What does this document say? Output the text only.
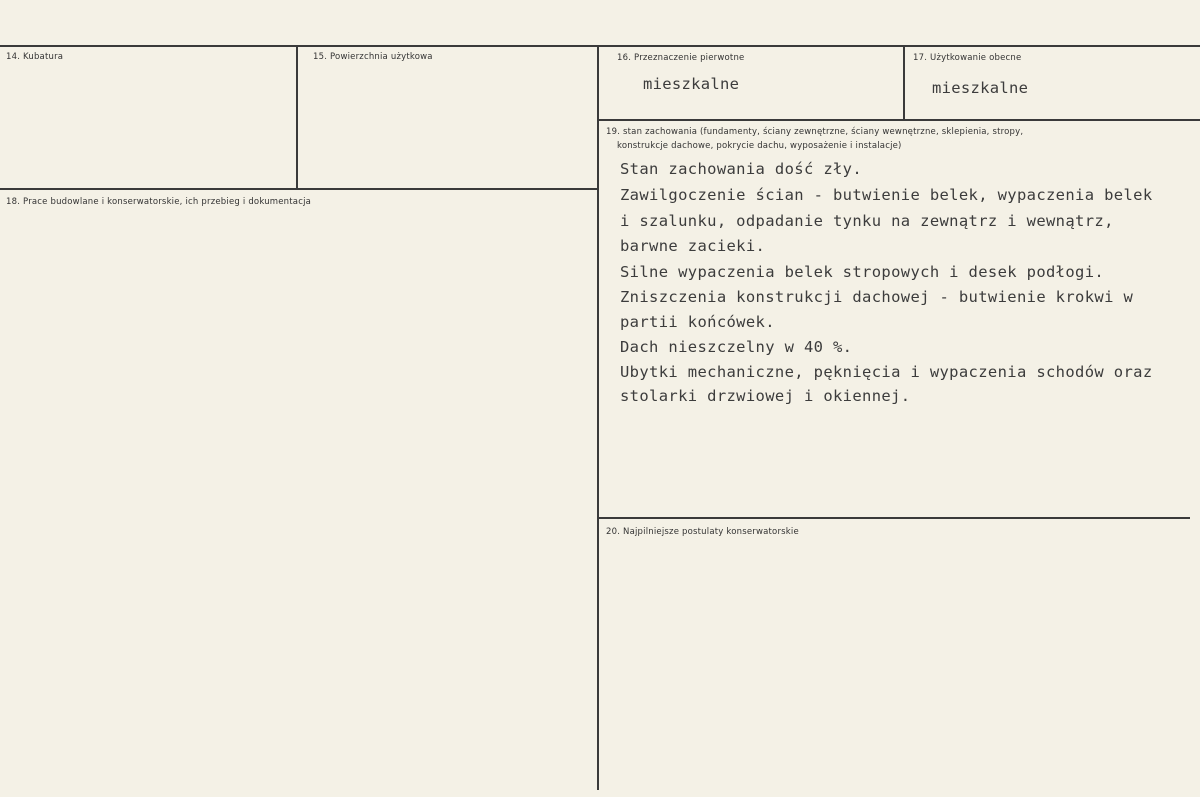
14. Kubatura	15. Powierzchnia użytkowa	16. Przeznaczenie pierwotne
mieszkalne
17. Użytkowanie obecne
mieszkalne
18. Prace budowlane i konserwatorskie, ich przebieg i dokumentacja
19. stan zachowania (fundamenty, ściany zewnętrzne, ściany wewnętrzne, sklepienia, stropy,
konstrukcje dachowe, pokrycie dachu, wyposażenie i instalacje)
Stan zachowania dość zły.
Zawilgoczenie ścian - butwienie belek, wypaczenia belek
i szalunku, odpadanie tynku na zewnątrz i wewnątrz,
barwne zacieki.
Silne wypaczenia belek stropowych i desek podłogi.
Zniszczenia konstrukcji dachowej - butwienie krokwi w
partii końcówek.
Dach nieszczelny w 40 %.
Ubytki mechaniczne, pęknięcia i wypaczenia schodów oraz
stolarki drzwiowej i okiennej.
20. Najpilniejsze postulaty konserwatorskie
